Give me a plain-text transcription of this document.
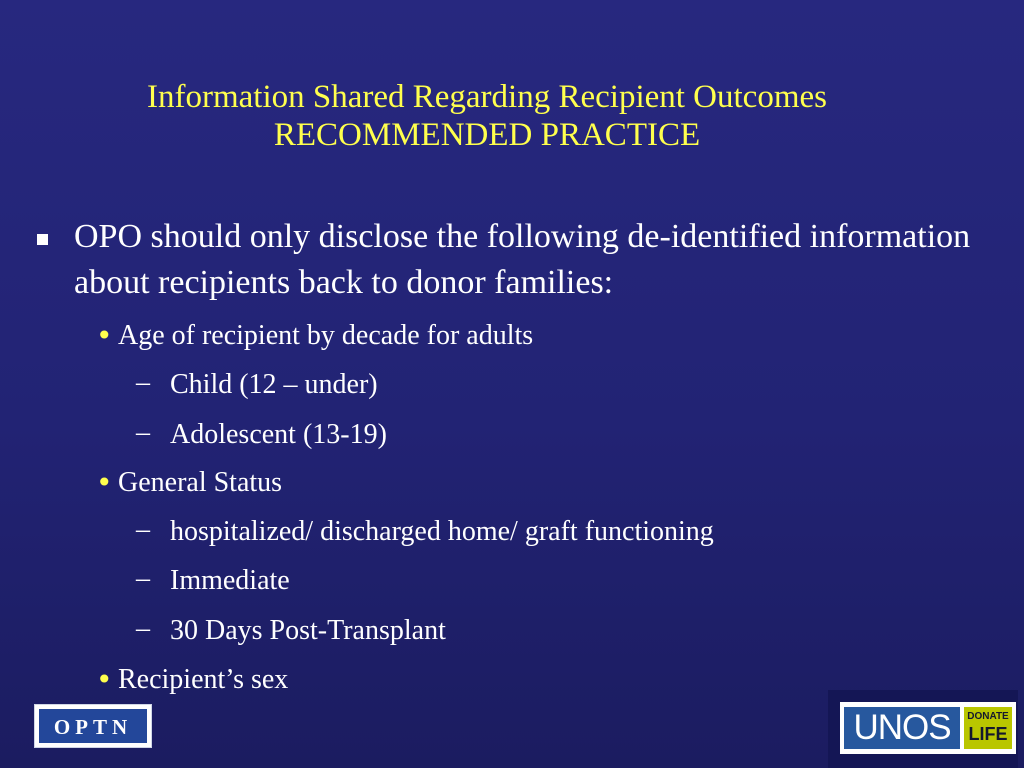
Information Shared Regarding Recipient Outcomes
RECOMMENDED PRACTICE
OPO should only disclose the following de-identified information about recipients back to donor families:
• Age of recipient by decade for adults
– Child (12 – under)
– Adolescent (13-19)
• General Status
– hospitalized/ discharged home/ graft functioning
– Immediate
– 30 Days Post-Transplant
• Recipient’s sex
OPTN	UNOS	DONATE
LIFE
